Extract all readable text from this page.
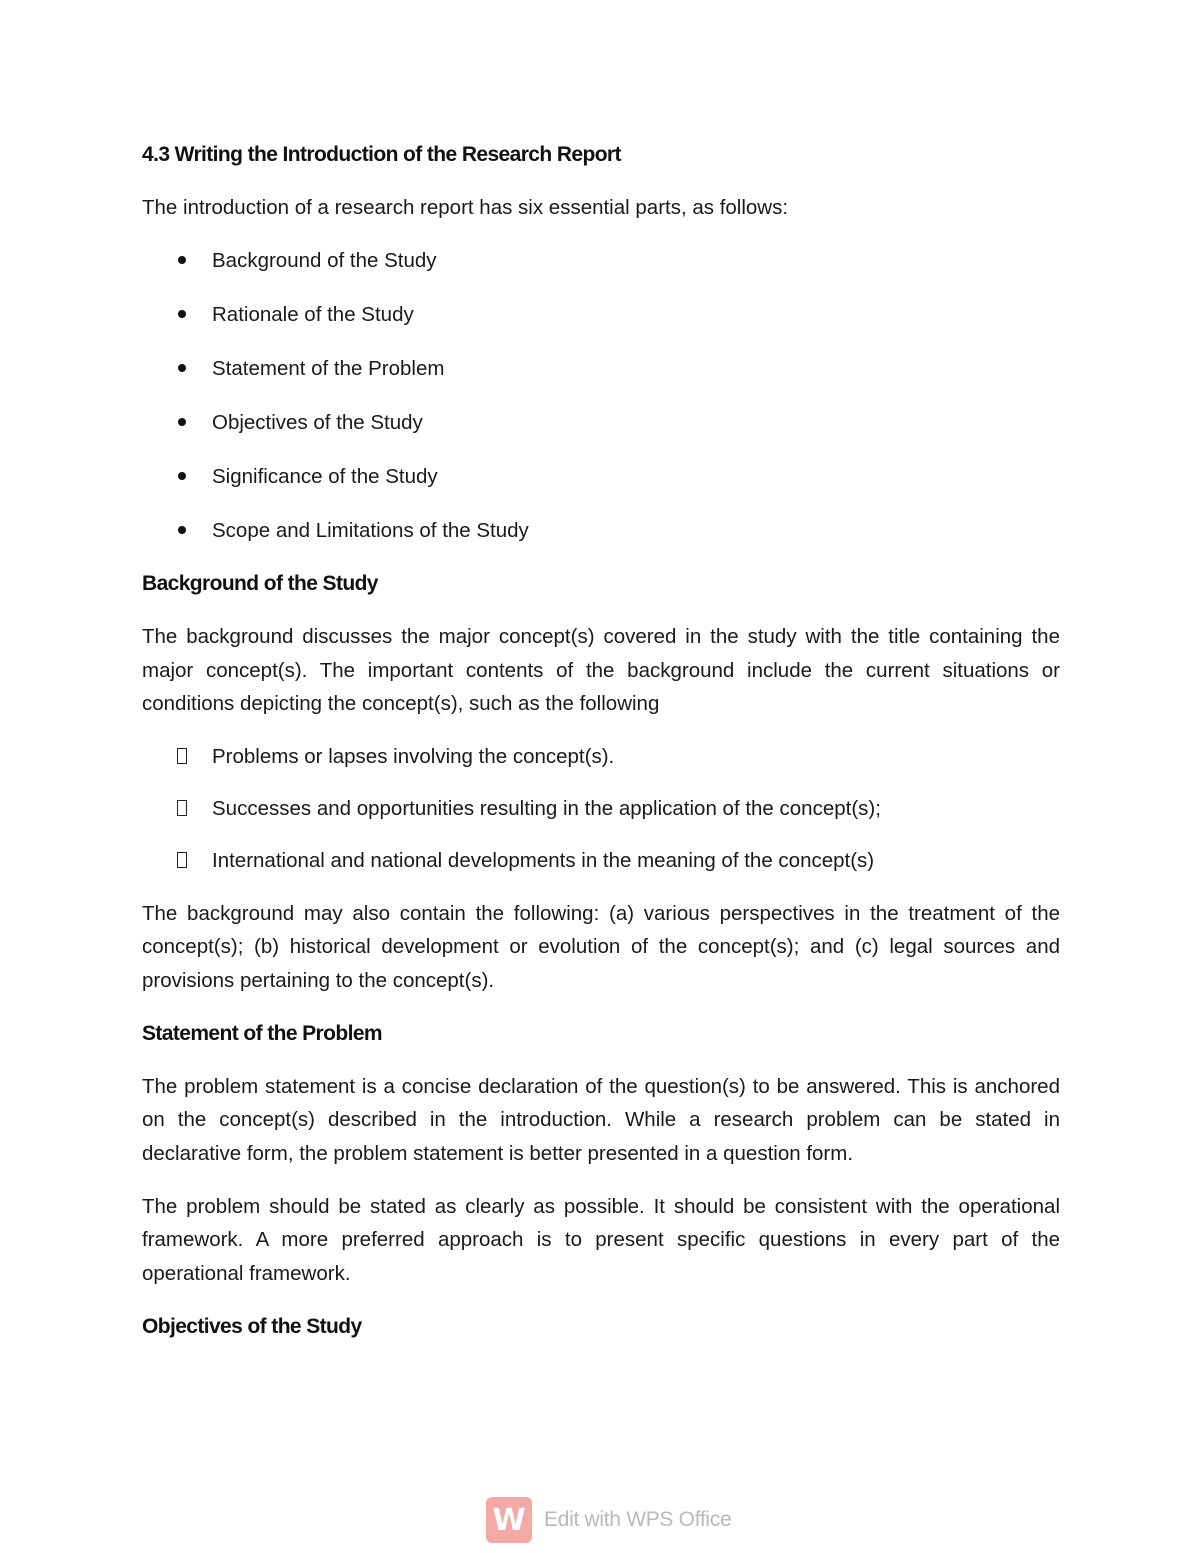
4.3 Writing the Introduction of the Research Report

The introduction of a research report has six essential parts, as follows:

Background of the Study
Rationale of the Study
Statement of the Problem
Objectives of the Study
Significance of the Study
Scope and Limitations of the Study
Background of the Study

The background discusses the major concept(s) covered in the study with the title containing the major concept(s). The important contents of the background include the current situations or conditions depicting the concept(s), such as the following

Problems or lapses involving the concept(s).
Successes and opportunities resulting in the application of the concept(s);
International and national developments in the meaning of the concept(s)

The background may also contain the following: (a) various perspectives in the treatment of the concept(s); (b) historical development or evolution of the concept(s); and (c) legal sources and provisions pertaining to the concept(s).

Statement of the Problem

The problem statement is a concise declaration of the question(s) to be answered. This is anchored on the concept(s) described in the introduction. While a research problem can be stated in declarative form, the problem statement is better presented in a question form.

The problem should be stated as clearly as possible. It should be consistent with the operational framework. A more preferred approach is to present specific questions in every part of the operational framework.

Objectives of the Study
W Edit with WPS Office
